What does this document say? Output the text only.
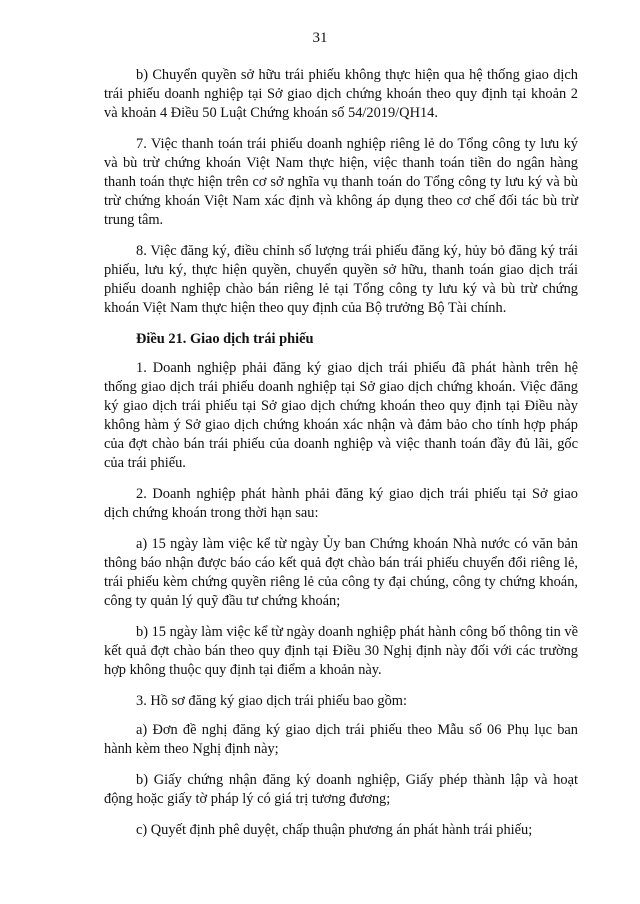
31

b) Chuyển quyền sở hữu trái phiếu không thực hiện qua hệ thống giao dịch trái phiếu doanh nghiệp tại Sở giao dịch chứng khoán theo quy định tại khoản 2 và khoản 4 Điều 50 Luật Chứng khoán số 54/2019/QH14.

7. Việc thanh toán trái phiếu doanh nghiệp riêng lẻ do Tổng công ty lưu ký và bù trừ chứng khoán Việt Nam thực hiện, việc thanh toán tiền do ngân hàng thanh toán thực hiện trên cơ sở nghĩa vụ thanh toán do Tổng công ty lưu ký và bù trừ chứng khoán Việt Nam xác định và không áp dụng theo cơ chế đối tác bù trừ trung tâm.

8. Việc đăng ký, điều chỉnh số lượng trái phiếu đăng ký, hủy bỏ đăng ký trái phiếu, lưu ký, thực hiện quyền, chuyển quyền sở hữu, thanh toán giao dịch trái phiếu doanh nghiệp chào bán riêng lẻ tại Tổng công ty lưu ký và bù trừ chứng khoán Việt Nam thực hiện theo quy định của Bộ trưởng Bộ Tài chính.

Điều 21. Giao dịch trái phiếu

1. Doanh nghiệp phải đăng ký giao dịch trái phiếu đã phát hành trên hệ thống giao dịch trái phiếu doanh nghiệp tại Sở giao dịch chứng khoán. Việc đăng ký giao dịch trái phiếu tại Sở giao dịch chứng khoán theo quy định tại Điều này không hàm ý Sở giao dịch chứng khoán xác nhận và đảm bảo cho tính hợp pháp của đợt chào bán trái phiếu của doanh nghiệp và việc thanh toán đầy đủ lãi, gốc của trái phiếu.

2. Doanh nghiệp phát hành phải đăng ký giao dịch trái phiếu tại Sở giao dịch chứng khoán trong thời hạn sau:

a) 15 ngày làm việc kể từ ngày Ủy ban Chứng khoán Nhà nước có văn bản thông báo nhận được báo cáo kết quả đợt chào bán trái phiếu chuyển đổi riêng lẻ, trái phiếu kèm chứng quyền riêng lẻ của công ty đại chúng, công ty chứng khoán, công ty quản lý quỹ đầu tư chứng khoán;

b) 15 ngày làm việc kể từ ngày doanh nghiệp phát hành công bố thông tin về kết quả đợt chào bán theo quy định tại Điều 30 Nghị định này đối với các trường hợp không thuộc quy định tại điểm a khoản này.

3. Hồ sơ đăng ký giao dịch trái phiếu bao gồm:

a) Đơn đề nghị đăng ký giao dịch trái phiếu theo Mẫu số 06 Phụ lục ban hành kèm theo Nghị định này;

b) Giấy chứng nhận đăng ký doanh nghiệp, Giấy phép thành lập và hoạt động hoặc giấy tờ pháp lý có giá trị tương đương;

c) Quyết định phê duyệt, chấp thuận phương án phát hành trái phiếu;
